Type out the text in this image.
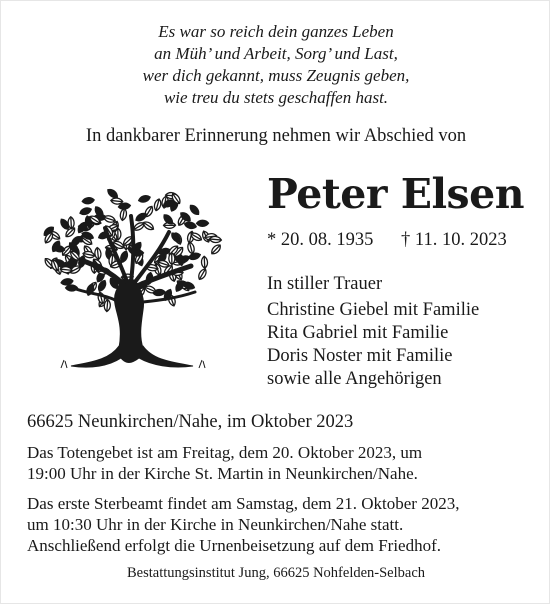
Es war so reich dein ganzes Leben
an Müh’ und Arbeit, Sorg’ und Last,
wer dich gekannt, muss Zeugnis geben,
wie treu du stets geschaffen hast.
In dankbarer Erinnerung nehmen wir Abschied von
Peter Elsen
* 20. 08. 1935 † 11. 10. 2023
In stiller Trauer
Christine Giebel mit Familie
Rita Gabriel mit Familie
Doris Noster mit Familie
sowie alle Angehörigen
66625 Neunkirchen/Nahe, im Oktober 2023
Das Totengebet ist am Freitag, dem 20. Oktober 2023, um
19:00 Uhr in der Kirche St. Martin in Neunkirchen/Nahe.
Das erste Sterbeamt findet am Samstag, dem 21. Oktober 2023,
um 10:30 Uhr in der Kirche in Neunkirchen/Nahe statt.
Anschließend erfolgt die Urnenbeisetzung auf dem Friedhof.
Bestattungsinstitut Jung, 66625 Nohfelden-Selbach
